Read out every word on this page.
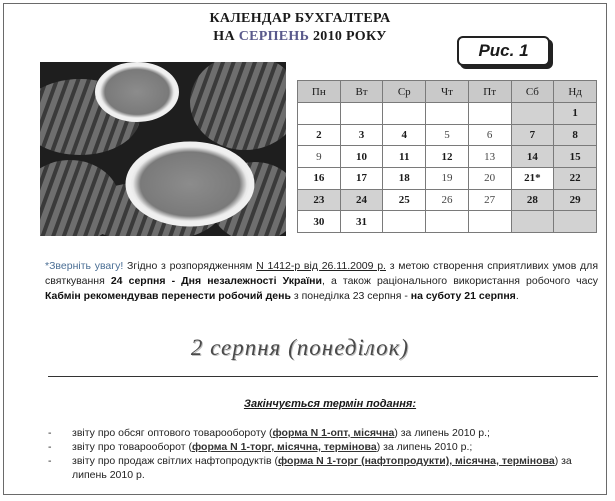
КАЛЕНДАР БУХГАЛТЕРА
НА СЕРПЕНЬ 2010 РОКУ
Рис. 1
Пн	Вт	Ср	Чт	Пт	Сб	Нд
						1
2	3	4	5	6	7	8
9	10	11	12	13	14	15
16	17	18	19	20	21*	22
23	24	25	26	27	28	29
30	31					
*Зверніть увагу! Згідно з розпорядженням N 1412-р від 26.11.2009 р. з метою створення сприятливих умов для святкування 24 серпня - Дня незалежності України, а також раціонального використання робочого часу Кабмін рекомендував перенести робочий день з понеділка 23 серпня - на суботу 21 серпня.
2 серпня (понеділок)
Закінчується термін подання:
- звіту про обсяг оптового товарообороту (форма N 1-опт, місячна) за липень 2010 р.;
- звіту про товарооборот (форма N 1-торг, місячна, термінова) за липень 2010 р.;
- звіту про продаж світлих нафтопродуктів (форма N 1-торг (нафтопродукти), місячна, термінова) за липень 2010 р.
